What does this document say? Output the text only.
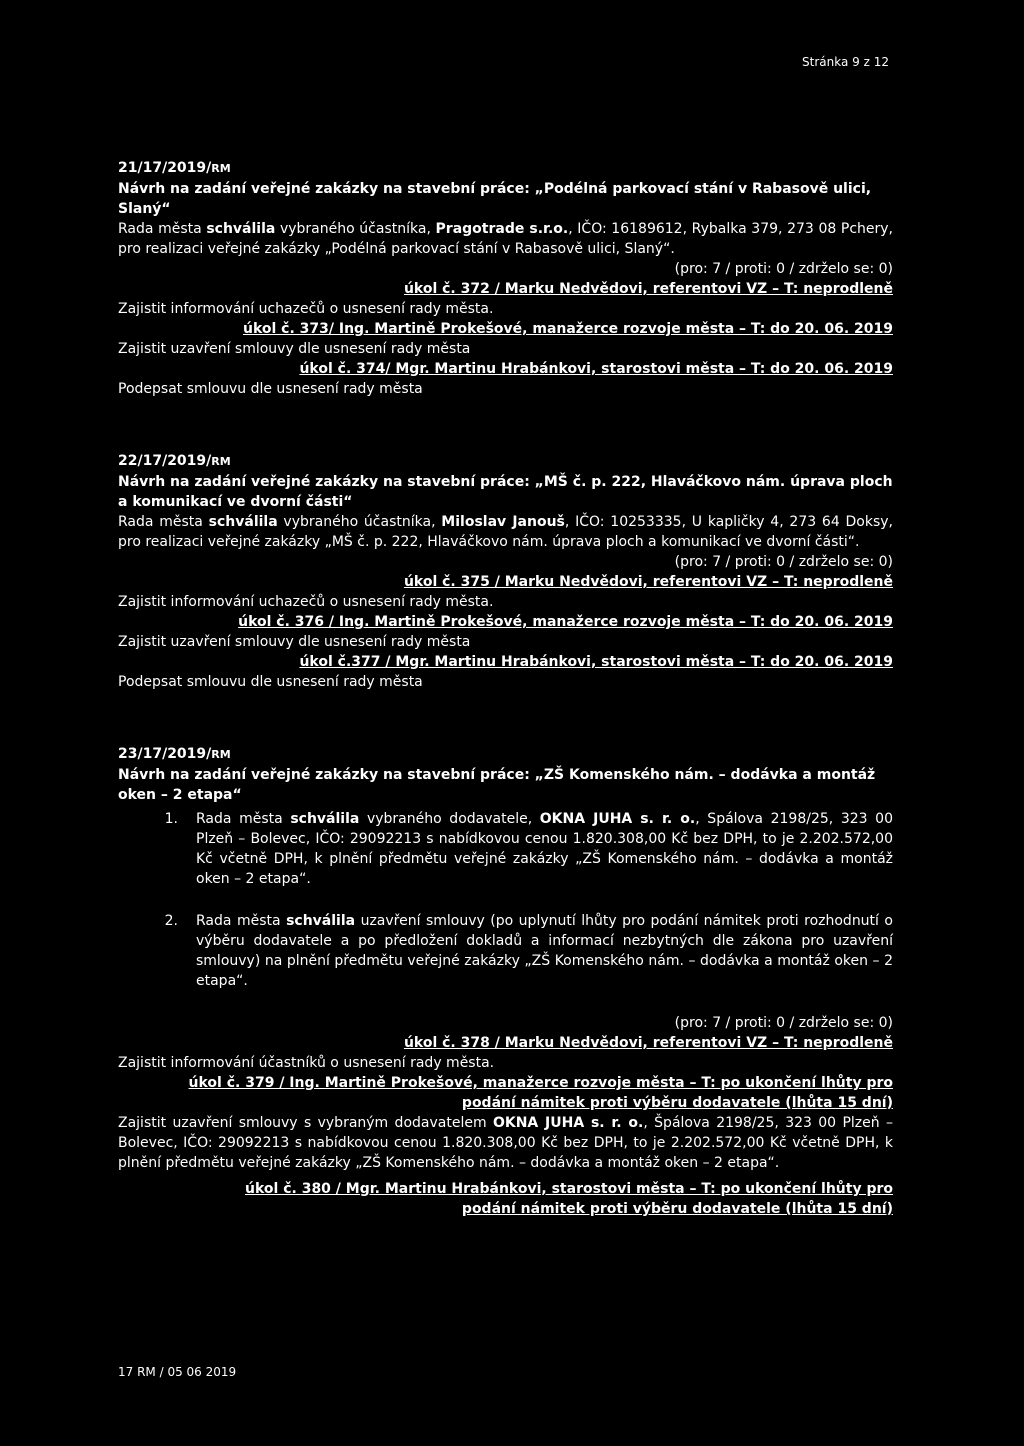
Stránka 9 z 12

21/17/2019/RM

Návrh na zadání veřejné zakázky na stavební práce: „Podélná parkovací stání v Rabasově ulici, Slaný“

Rada města schválila vybraného účastníka, Pragotrade s.r.o., IČO: 16189612, Rybalka 379, 273 08 Pchery, pro realizaci veřejné zakázky „Podélná parkovací stání v Rabasově ulici, Slaný“.

(pro: 7 / proti: 0 / zdrželo se: 0)

úkol č. 372 / Marku Nedvědovi, referentovi VZ – T: neprodleně

Zajistit informování uchazečů o usnesení rady města.

úkol č. 373/ Ing. Martině Prokešové, manažerce rozvoje města – T: do 20. 06. 2019

Zajistit uzavření smlouvy dle usnesení rady města

úkol č. 374/ Mgr. Martinu Hrabánkovi, starostovi města – T: do 20. 06. 2019

Podepsat smlouvu dle usnesení rady města

22/17/2019/RM

Návrh na zadání veřejné zakázky na stavební práce: „MŠ č. p. 222, Hlaváčkovo nám. úprava ploch a komunikací ve dvorní části“

Rada města schválila vybraného účastníka, Miloslav Janouš, IČO: 10253335, U kapličky 4, 273 64 Doksy, pro realizaci veřejné zakázky „MŠ č. p. 222, Hlaváčkovo nám. úprava ploch a komunikací ve dvorní části“.

(pro: 7 / proti: 0 / zdrželo se: 0)

úkol č. 375 / Marku Nedvědovi, referentovi VZ – T: neprodleně

Zajistit informování uchazečů o usnesení rady města.

úkol č. 376 / Ing. Martině Prokešové, manažerce rozvoje města – T: do 20. 06. 2019

Zajistit uzavření smlouvy dle usnesení rady města

úkol č.377 / Mgr. Martinu Hrabánkovi, starostovi města – T: do 20. 06. 2019

Podepsat smlouvu dle usnesení rady města

23/17/2019/RM

Návrh na zadání veřejné zakázky na stavební práce: „ZŠ Komenského nám. – dodávka a montáž oken – 2 etapa“

1.	Rada města schválila vybraného dodavatele, OKNA JUHA s. r. o., Spálova 2198/25, 323 00 Plzeň – Bolevec, IČO: 29092213 s nabídkovou cenou 1.820.308,00 Kč bez DPH, to je 2.202.572,00 Kč včetně DPH, k plnění předmětu veřejné zakázky „ZŠ Komenského nám. – dodávka a montáž oken – 2 etapa“.
2.	Rada města schválila uzavření smlouvy (po uplynutí lhůty pro podání námitek proti rozhodnutí o výběru dodavatele a po předložení dokladů a informací nezbytných dle zákona pro uzavření smlouvy) na plnění předmětu veřejné zakázky „ZŠ Komenského nám. – dodávka a montáž oken – 2 etapa“.

(pro: 7 / proti: 0 / zdrželo se: 0)

úkol č. 378 / Marku Nedvědovi, referentovi VZ – T: neprodleně

Zajistit informování účastníků o usnesení rady města.

úkol č. 379 / Ing. Martině Prokešové, manažerce rozvoje města – T: po ukončení lhůty pro podání námitek proti výběru dodavatele (lhůta 15 dní)

Zajistit uzavření smlouvy s vybraným dodavatelem OKNA JUHA s. r. o., Špálova 2198/25, 323 00 Plzeň – Bolevec, IČO: 29092213 s nabídkovou cenou 1.820.308,00 Kč bez DPH, to je 2.202.572,00 Kč včetně DPH, k plnění předmětu veřejné zakázky „ZŠ Komenského nám. – dodávka a montáž oken – 2 etapa“.

úkol č. 380 / Mgr. Martinu Hrabánkovi, starostovi města – T: po ukončení lhůty pro podání námitek proti výběru dodavatele (lhůta 15 dní)

17 RM / 05 06 2019
